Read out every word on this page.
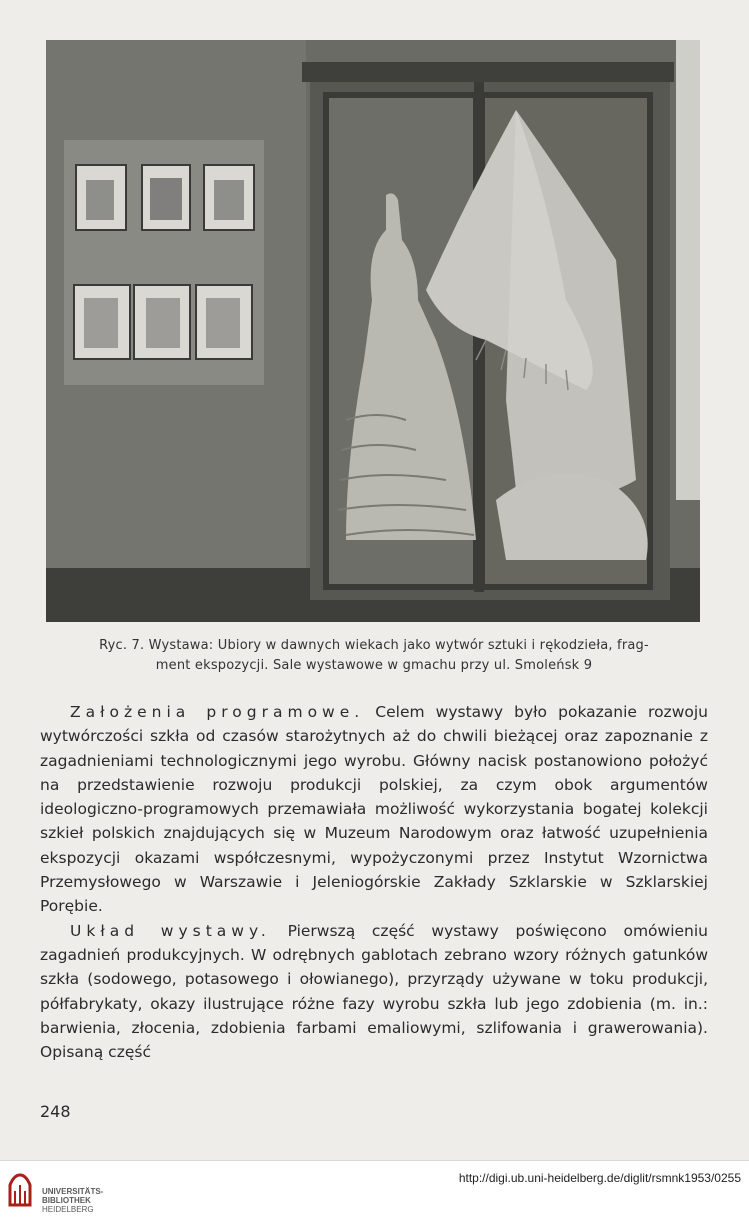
Ryc. 7. Wystawa: Ubiory w dawnych wiekach jako wytwór sztuki i rękodzieła, frag-
ment ekspozycji. Sale wystawowe w gmachu przy ul. Smoleńsk 9

Założenia programowe. Celem wystawy było pokazanie rozwoju wytwórczości szkła od czasów starożytnych aż do chwili bieżącej oraz zapoznanie z zagadnieniami technologicznymi jego wyrobu. Główny nacisk postanowiono położyć na przedstawienie rozwoju produkcji polskiej, za czym obok argumentów ideologiczno-programowych przemawiała możliwość wykorzystania bogatej kolekcji szkieł polskich znajdujących się w Muzeum Narodowym oraz łatwość uzupełnienia ekspozycji okazami współczesnymi, wypożyczonymi przez Instytut Wzornictwa Przemysłowego w Warszawie i Jeleniogórskie Zakłady Szklarskie w Szklarskiej Porębie.

Układ wystawy. Pierwszą część wystawy poświęcono omówieniu zagadnień produkcyjnych. W odrębnych gablotach zebrano wzory różnych gatunków szkła (sodowego, potasowego i ołowianego), przyrządy używane w toku produkcji, półfabrykaty, okazy ilustrujące różne fazy wyrobu szkła lub jego zdobienia (m. in.: barwienia, złocenia, zdobienia farbami emaliowymi, szlifowania i grawerowania). Opisaną część

248
UNIVERSITÄTS-
BIBLIOTHEK
HEIDELBERG
http://digi.ub.uni-heidelberg.de/diglit/rsmnk1953/0255
